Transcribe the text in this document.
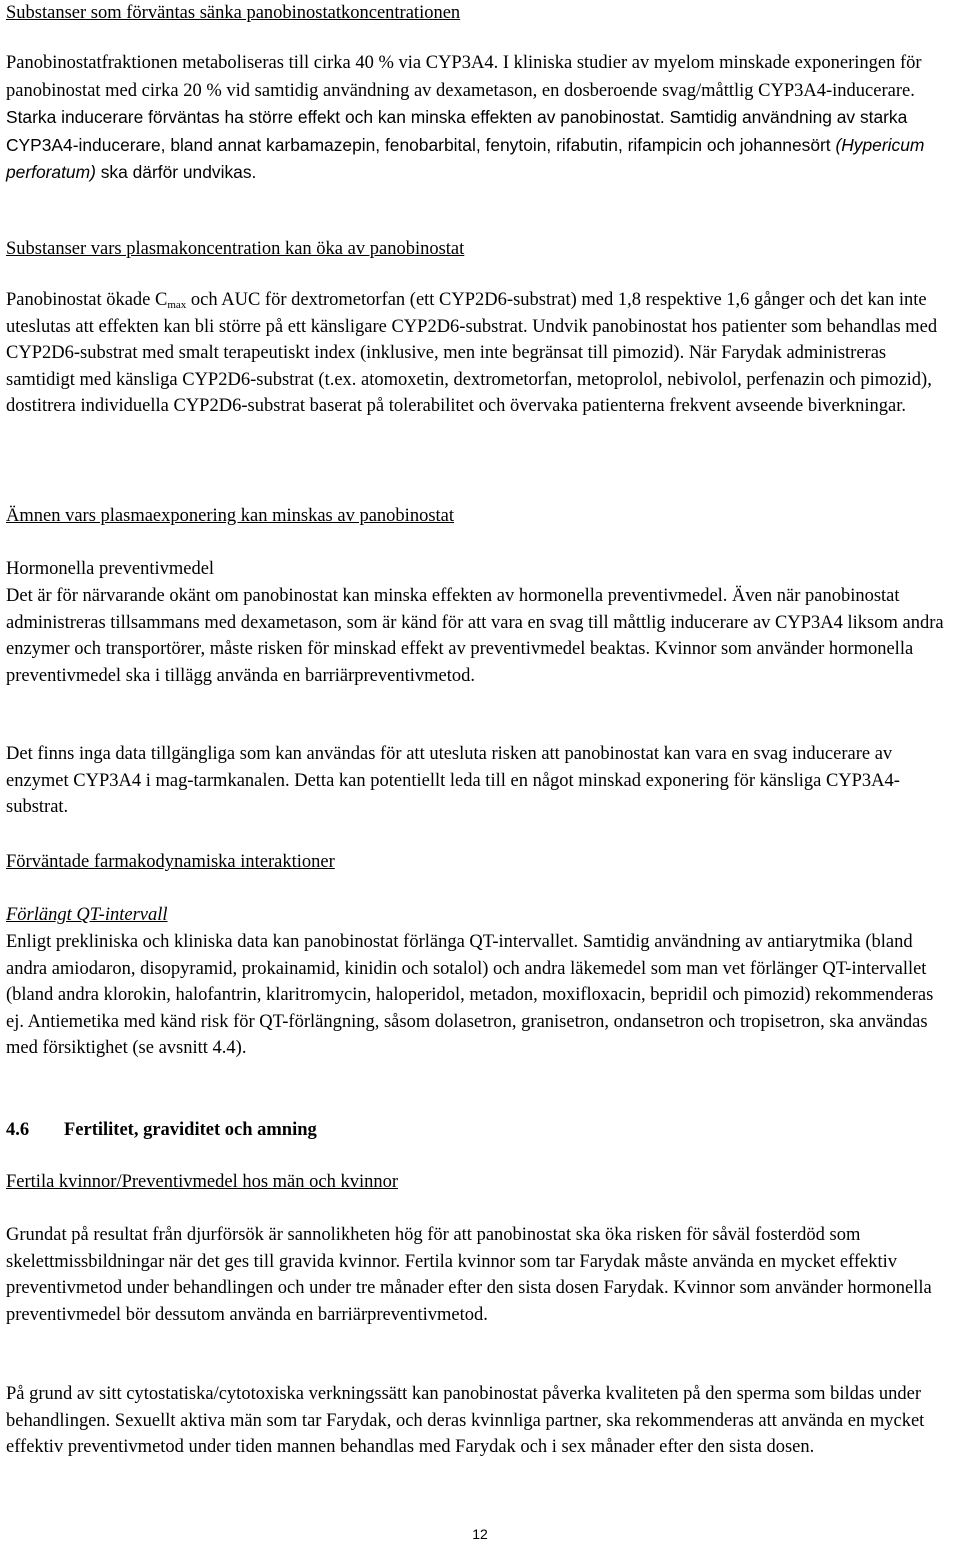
Substanser som förväntas sänka panobinostatkoncentrationen

Panobinostatfraktionen metaboliseras till cirka 40 % via CYP3A4. I kliniska studier av myelom minskade exponeringen för panobinostat med cirka 20 % vid samtidig användning av dexametason, en dosberoende svag/måttlig CYP3A4-inducerare. Starka inducerare förväntas ha större effekt och kan minska effekten av panobinostat. Samtidig användning av starka CYP3A4-inducerare, bland annat karbamazepin, fenobarbital, fenytoin, rifabutin, rifampicin och johannesört (Hypericum perforatum) ska därför undvikas.

Substanser vars plasmakoncentration kan öka av panobinostat

Panobinostat ökade $C_{max}$ och AUC för dextrometorfan (ett CYP2D6-substrat) med 1,8 respektive 1,6 gånger och det kan inte uteslutas att effekten kan bli större på ett känsligare CYP2D6-substrat. Undvik panobinostat hos patienter som behandlas med CYP2D6-substrat med smalt terapeutiskt index (inklusive, men inte begränsat till pimozid). När Farydak administreras samtidigt med känsliga CYP2D6-substrat (t.ex. atomoxetin, dextrometorfan, metoprolol, nebivolol, perfenazin och pimozid), dostitrera individuella CYP2D6-substrat baserat på tolerabilitet och övervaka patienterna frekvent avseende biverkningar.

Ämnen vars plasmaexponering kan minskas av panobinostat

Hormonella preventivmedel

Det är för närvarande okänt om panobinostat kan minska effekten av hormonella preventivmedel. Även när panobinostat administreras tillsammans med dexametason, som är känd för att vara en svag till måttlig inducerare av CYP3A4 liksom andra enzymer och transportörer, måste risken för minskad effekt av preventivmedel beaktas. Kvinnor som använder hormonella preventivmedel ska i tillägg använda en barriärpreventivmetod.

Det finns inga data tillgängliga som kan användas för att utesluta risken att panobinostat kan vara en svag inducerare av enzymet CYP3A4 i mag-tarmkanalen. Detta kan potentiellt leda till en något minskad exponering för känsliga CYP3A4-substrat.

Förväntade farmakodynamiska interaktioner

Förlängt QT-intervall

Enligt prekliniska och kliniska data kan panobinostat förlänga QT-intervallet. Samtidig användning av antiarytmika (bland andra amiodaron, disopyramid, prokainamid, kinidin och sotalol) och andra läkemedel som man vet förlänger QT-intervallet (bland andra klorokin, halofantrin, klaritromycin, haloperidol, metadon, moxifloxacin, bepridil och pimozid) rekommenderas ej. Antiemetika med känd risk för QT-förlängning, såsom dolasetron, granisetron, ondansetron och tropisetron, ska användas med försiktighet (se avsnitt 4.4).

4.6 Fertilitet, graviditet och amning

Fertila kvinnor/Preventivmedel hos män och kvinnor

Grundat på resultat från djurförsök är sannolikheten hög för att panobinostat ska öka risken för såväl fosterdöd som skelettmissbildningar när det ges till gravida kvinnor. Fertila kvinnor som tar Farydak måste använda en mycket effektiv preventivmetod under behandlingen och under tre månader efter den sista dosen Farydak. Kvinnor som använder hormonella preventivmedel bör dessutom använda en barriärpreventivmetod.

På grund av sitt cytostatiska/cytotoxiska verkningssätt kan panobinostat påverka kvaliteten på den sperma som bildas under behandlingen. Sexuellt aktiva män som tar Farydak, och deras kvinnliga partner, ska rekommenderas att använda en mycket effektiv preventivmetod under tiden mannen behandlas med Farydak och i sex månader efter den sista dosen.

12
